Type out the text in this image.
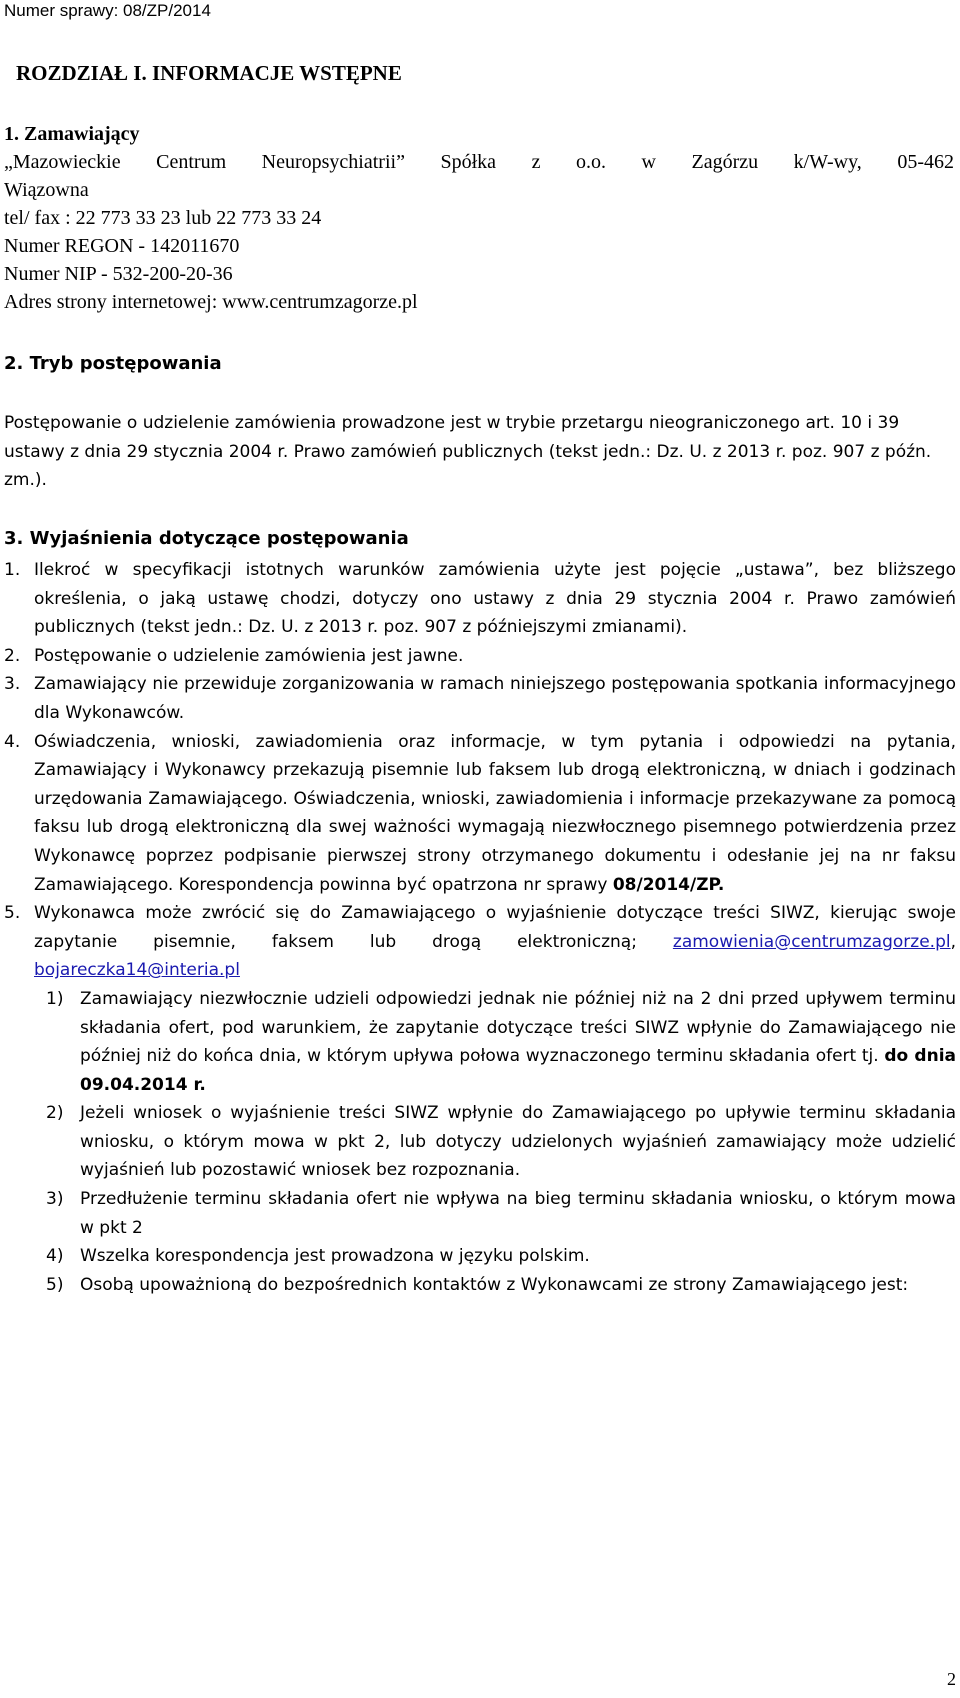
Numer sprawy: 08/ZP/2014
ROZDZIAŁ I. INFORMACJE WSTĘPNE
1. Zamawiający
„Mazowieckie Centrum Neuropsychiatrii” Spółka z o.o. w Zagórzu k/W-wy, 05-462
Wiązowna
tel/ fax : 22 773 33 23 lub 22 773 33 24
Numer REGON - 142011670
Numer NIP - 532-200-20-36
Adres strony internetowej: www.centrumzagorze.pl
2. Tryb postępowania
Postępowanie o udzielenie zamówienia prowadzone jest w trybie przetargu nieograniczonego art. 10 i 39 ustawy z dnia 29 stycznia 2004 r. Prawo zamówień publicznych (tekst jedn.: Dz. U. z 2013 r. poz. 907 z późn. zm.).
3. Wyjaśnienia dotyczące postępowania

1. Ilekroć w specyfikacji istotnych warunków zamówienia użyte jest pojęcie „ustawa”, bez bliższego określenia, o jaką ustawę chodzi, dotyczy ono ustawy z dnia 29 stycznia 2004 r. Prawo zamówień publicznych (tekst jedn.: Dz. U. z 2013 r. poz. 907 z późniejszymi zmianami).

2. Postępowanie o udzielenie zamówienia jest jawne.

3. Zamawiający nie przewiduje zorganizowania w ramach niniejszego postępowania spotkania informacyjnego dla Wykonawców.

4. Oświadczenia, wnioski, zawiadomienia oraz informacje, w tym pytania i odpowiedzi na pytania, Zamawiający i Wykonawcy przekazują pisemnie lub faksem lub drogą elektroniczną, w dniach i godzinach urzędowania Zamawiającego. Oświadczenia, wnioski, zawiadomienia i informacje przekazywane za pomocą faksu lub drogą elektroniczną dla swej ważności wymagają niezwłocznego pisemnego potwierdzenia przez Wykonawcę poprzez podpisanie pierwszej strony otrzymanego dokumentu i odesłanie jej na nr faksu Zamawiającego. Korespondencja powinna być opatrzona nr sprawy 08/2014/ZP.

5. Wykonawca może zwrócić się do Zamawiającego o wyjaśnienie dotyczące treści SIWZ, kierując swoje zapytanie pisemnie, faksem lub drogą elektroniczną; zamowienia@centrumzagorze.pl, bojareczka14@interia.pl

1) Zamawiający niezwłocznie udzieli odpowiedzi jednak nie później niż na 2 dni przed upływem terminu składania ofert, pod warunkiem, że zapytanie dotyczące treści SIWZ wpłynie do Zamawiającego nie później niż do końca dnia, w którym upływa połowa wyznaczonego terminu składania ofert tj. do dnia 09.04.2014 r.

2) Jeżeli wniosek o wyjaśnienie treści SIWZ wpłynie do Zamawiającego po upływie terminu składania wniosku, o którym mowa w pkt 2, lub dotyczy udzielonych wyjaśnień zamawiający może udzielić wyjaśnień lub pozostawić wniosek bez rozpoznania.

3) Przedłużenie terminu składania ofert nie wpływa na bieg terminu składania wniosku, o którym mowa w pkt 2

4) Wszelka korespondencja jest prowadzona w języku polskim.

5) Osobą upoważnioną do bezpośrednich kontaktów z Wykonawcami ze strony Zamawiającego jest:

2
